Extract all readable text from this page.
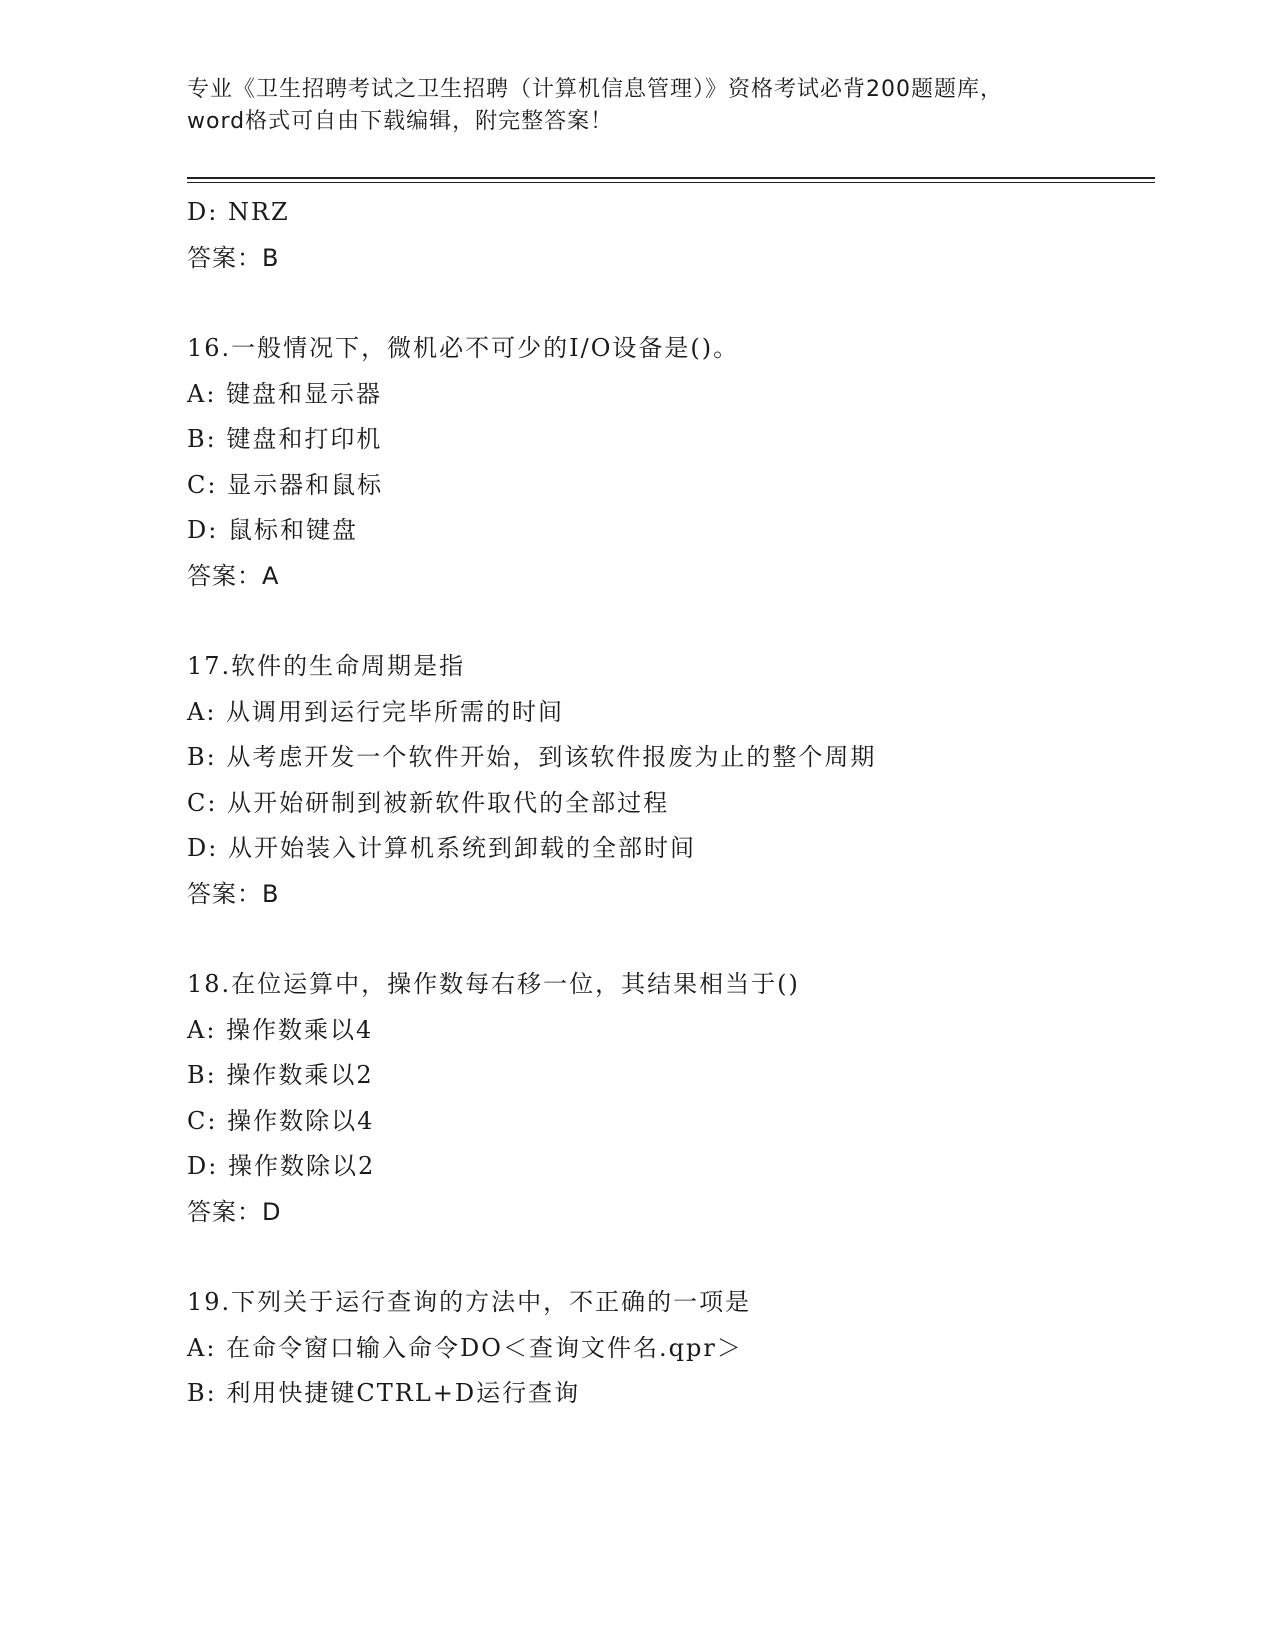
专业《卫生招聘考试之卫生招聘（计算机信息管理）》资格考试必背200题题库，
word格式可自由下载编辑，附完整答案！
D: NRZ
答案：B
16.一般情况下，微机必不可少的I/O设备是()。
A: 键盘和显示器
B: 键盘和打印机
C: 显示器和鼠标
D: 鼠标和键盘
答案：A
17.软件的生命周期是指
A: 从调用到运行完毕所需的时间
B: 从考虑开发一个软件开始，到该软件报废为止的整个周期
C: 从开始研制到被新软件取代的全部过程
D: 从开始装入计算机系统到卸载的全部时间
答案：B
18.在位运算中，操作数每右移一位，其结果相当于()
A: 操作数乘以4
B: 操作数乘以2
C: 操作数除以4
D: 操作数除以2
答案：D
19.下列关于运行查询的方法中，不正确的一项是
A: 在命令窗口输入命令DO＜查询文件名.qpr＞
B: 利用快捷键CTRL+D运行查询
